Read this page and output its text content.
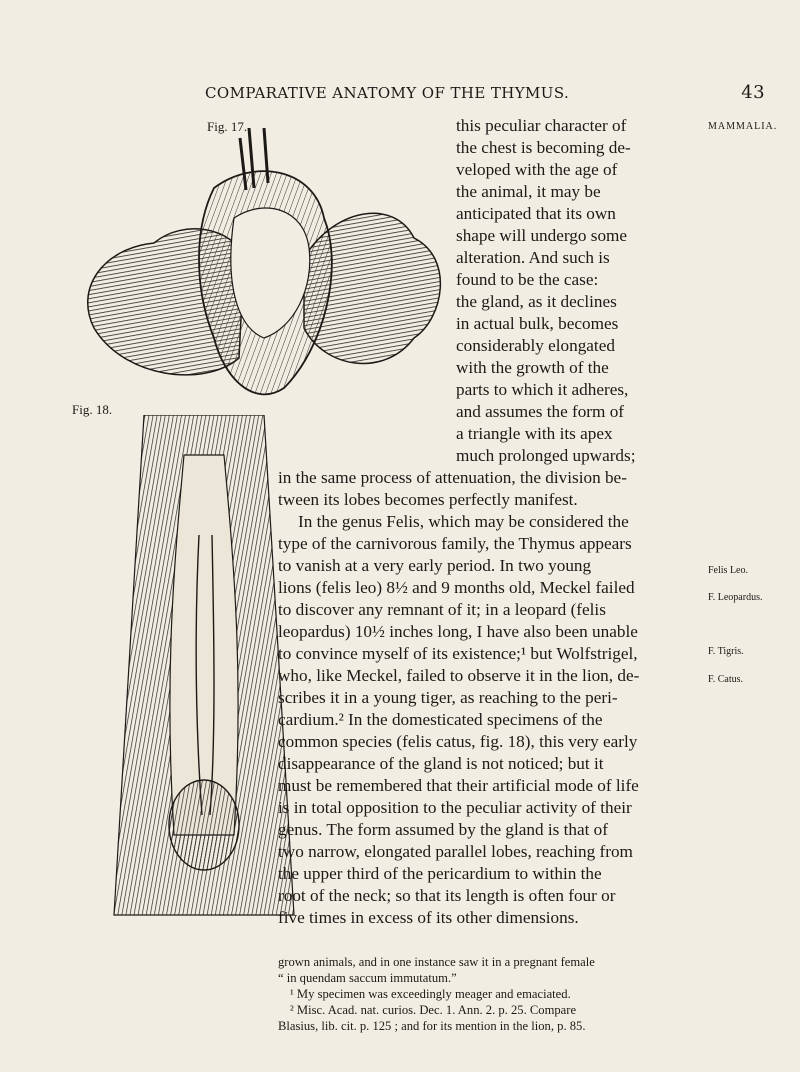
COMPARATIVE ANATOMY OF THE THYMUS.	43
Fig. 17.
Fig. 18.
MAMMALIA.
Felis Leo.
F. Leopardus.
F. Tigris.
F. Catus.
this peculiar character of
the chest is becoming de-
veloped with the age of
the animal, it may be
anticipated that its own
shape will undergo some
alteration. And such is
found to be the case:
the gland, as it declines
in actual bulk, becomes
considerably elongated
with the growth of the
parts to which it adheres,
and assumes the form of
a triangle with its apex
much prolonged upwards;
in the same process of attenuation, the division be-
tween its lobes becomes perfectly manifest.
In the genus Felis, which may be considered the
type of the carnivorous family, the Thymus appears
to vanish at a very early period. In two young
lions (felis leo) 8½ and 9 months old, Meckel failed
to discover any remnant of it; in a leopard (felis
leopardus) 10½ inches long, I have also been unable
to convince myself of its existence;¹ but Wolfstrigel,
who, like Meckel, failed to observe it in the lion, de-
scribes it in a young tiger, as reaching to the peri-
cardium.² In the domesticated specimens of the
common species (felis catus, fig. 18), this very early
disappearance of the gland is not noticed; but it
must be remembered that their artificial mode of life
is in total opposition to the peculiar activity of their
genus. The form assumed by the gland is that of
two narrow, elongated parallel lobes, reaching from
the upper third of the pericardium to within the
root of the neck; so that its length is often four or
five times in excess of its other dimensions.
grown animals, and in one instance saw it in a pregnant female
“ in quendam saccum immutatum.”
¹ My specimen was exceedingly meager and emaciated.
² Misc. Acad. nat. curios. Dec. 1. Ann. 2. p. 25. Compare
Blasius, lib. cit. p. 125 ; and for its mention in the lion, p. 85.
